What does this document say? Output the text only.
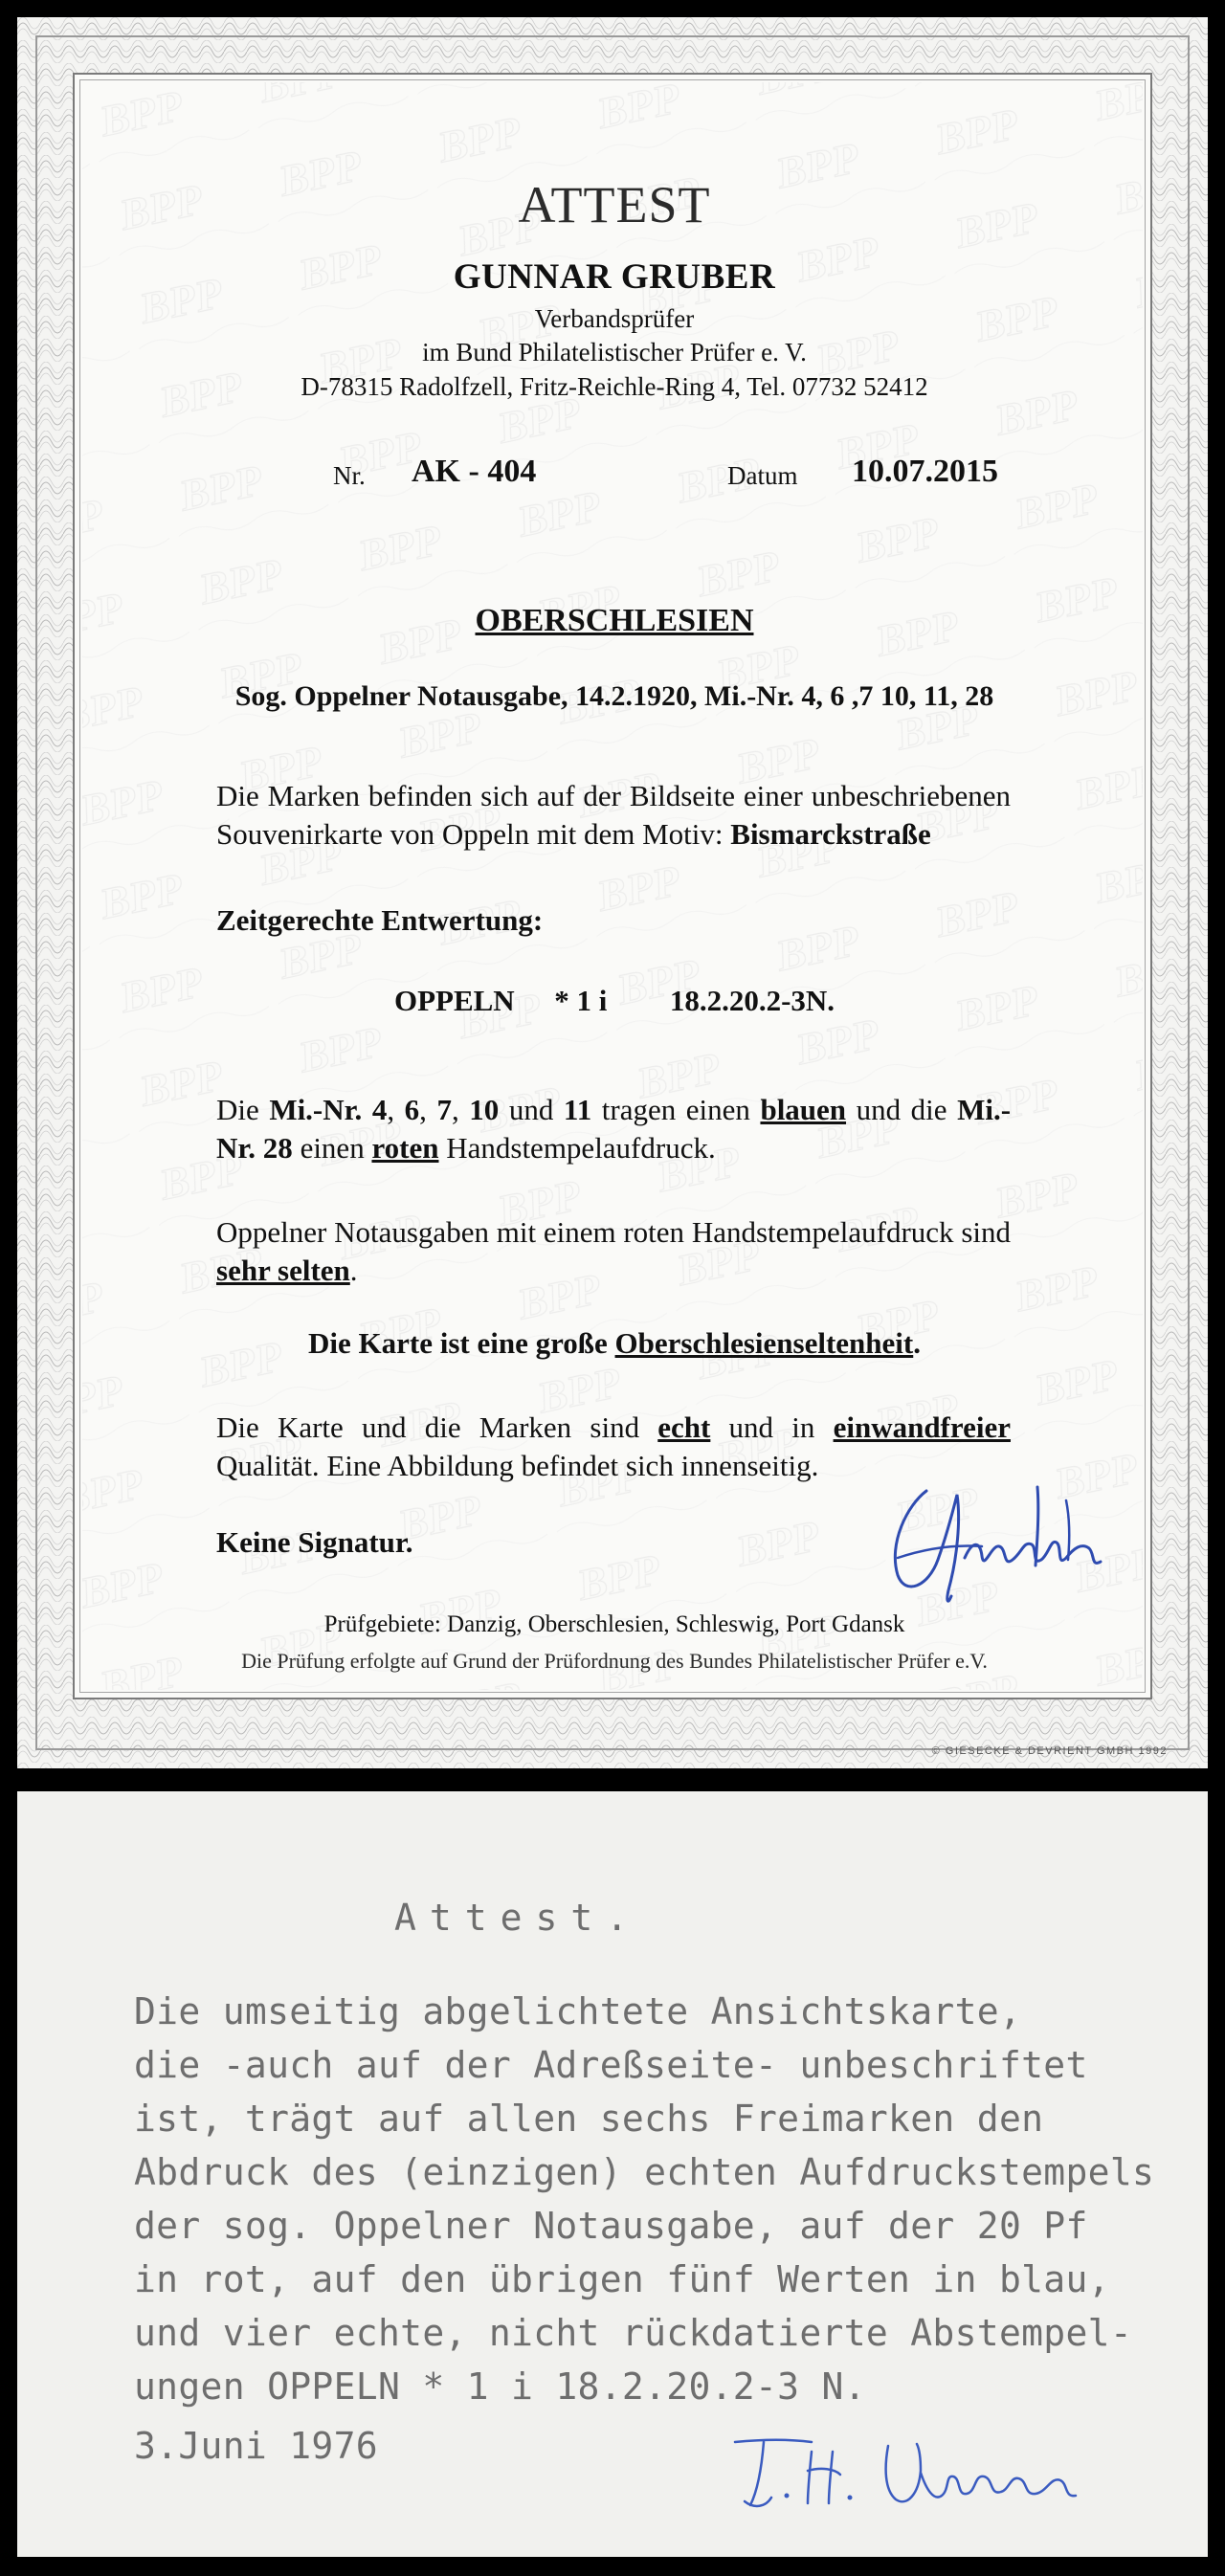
ATTEST
GUNNAR GRUBER
Verbandsprüfer
im Bund Philatelistischer Prüfer e. V.
D-78315 Radolfzell, Fritz-Reichle-Ring 4, Tel. 07732 52412
Nr. AK - 404	Datum 10.07.2015
OBERSCHLESIEN
Sog. Oppelner Notausgabe, 14.2.1920, Mi.-Nr. 4, 6 ,7 10, 11, 28
Die Marken befinden sich auf der Bildseite einer unbeschriebenen
Souvenirkarte von Oppeln mit dem Motiv: Bismarckstraße
Zeitgerechte Entwertung:
OPPELN * 1 i 18.2.20.2-3N.
Die Mi.-Nr. 4, 6, 7, 10 und 11 tragen einen blauen und die Mi.-Nr. 28 einen roten Handstempelaufdruck.
Oppelner Notausgaben mit einem roten Handstempelaufdruck sind sehr selten.
Die Karte ist eine große Oberschlesienseltenheit.
Die Karte und die Marken sind echt und in einwandfreier Qualität. Eine Abbildung befindet sich innenseitig.
Keine Signatur.
Prüfgebiete: Danzig, Oberschlesien, Schleswig, Port Gdansk
Die Prüfung erfolgte auf Grund der Prüfordnung des Bundes Philatelistischer Prüfer e.V.
© GIESECKE & DEVRIENT GMBH 1992
Attest.
Die umseitig abgelichtete Ansichtskarte,
die -auch auf der Adreßseite- unbeschriftet
ist, trägt auf allen sechs Freimarken den
Abdruck des (einzigen) echten Aufdruckstempels
der sog. Oppelner Notausgabe, auf der 20 Pf
in rot, auf den übrigen fünf Werten in blau,
und vier echte, nicht rückdatierte Abstempel-
ungen OPPELN * 1 i 18.2.20.2-3 N.
3.Juni 1976
